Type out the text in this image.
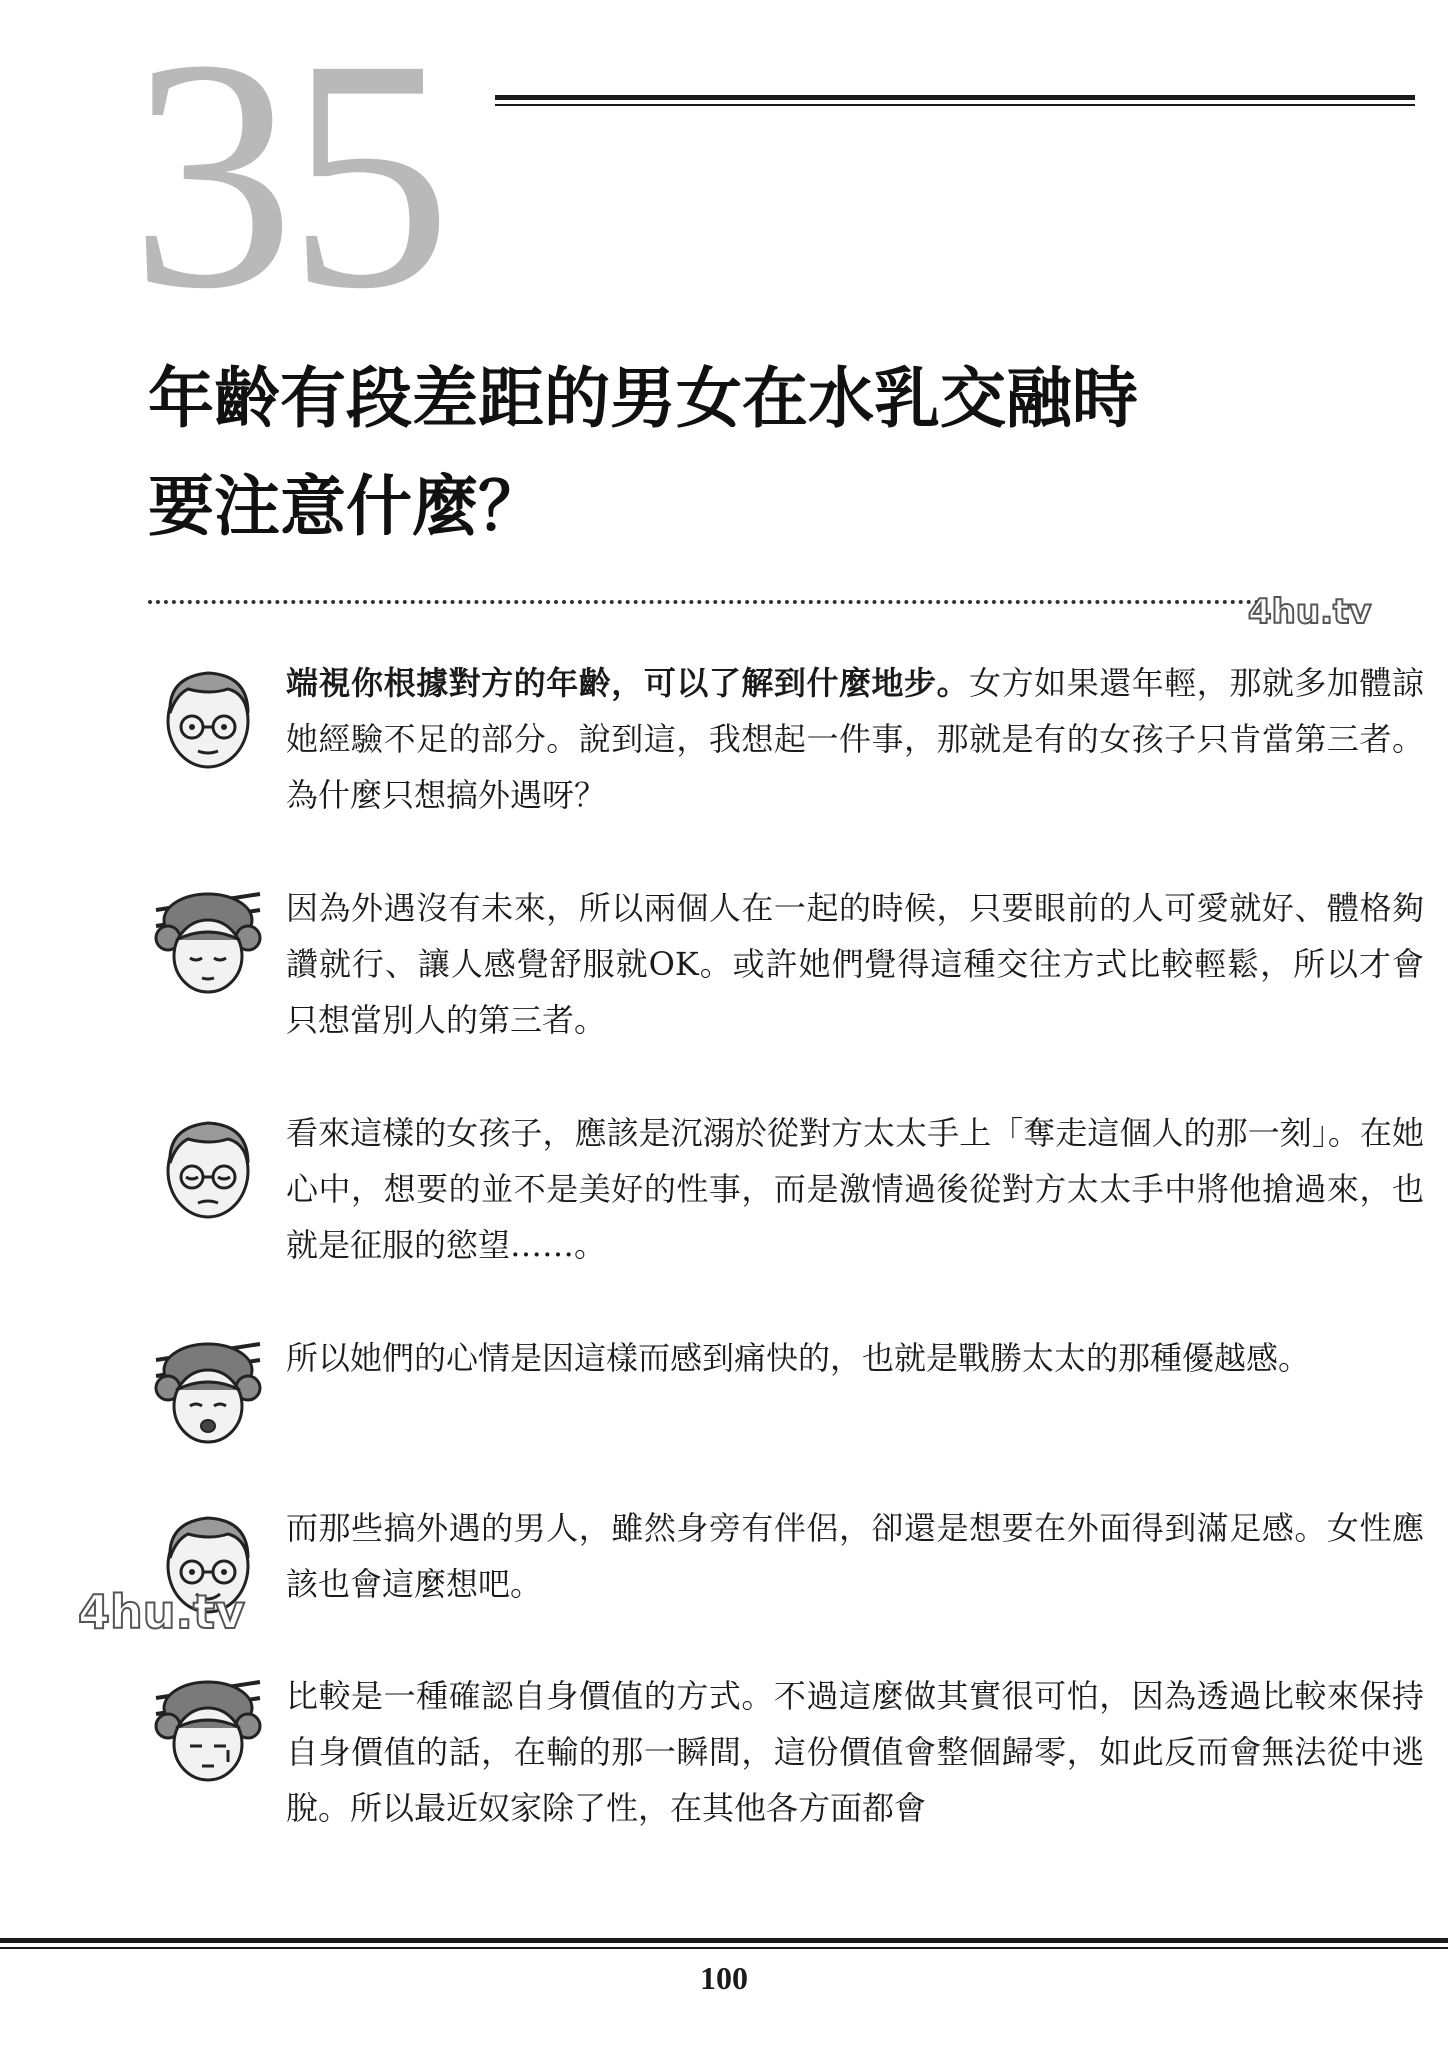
35
年齡有段差距的男女在水乳交融時
要注意什麼？
4hu.tv
端視你根據對方的年齡，可以了解到什麼地步。女方如果還年輕，那就多加體諒她經驗不足的部分。說到這，我想起一件事，那就是有的女孩子只肯當第三者。為什麼只想搞外遇呀？
因為外遇沒有未來，所以兩個人在一起的時候，只要眼前的人可愛就好、體格夠讚就行、讓人感覺舒服就OK。或許她們覺得這種交往方式比較輕鬆，所以才會只想當別人的第三者。
看來這樣的女孩子，應該是沉溺於從對方太太手上「奪走這個人的那一刻」。在她心中，想要的並不是美好的性事，而是激情過後從對方太太手中將他搶過來，也就是征服的慾望……。
所以她們的心情是因這樣而感到痛快的，也就是戰勝太太的那種優越感。
而那些搞外遇的男人，雖然身旁有伴侶，卻還是想要在外面得到滿足感。女性應該也會這麼想吧。
4hu.tv
比較是一種確認自身價值的方式。不過這麼做其實很可怕，因為透過比較來保持自身價值的話，在輸的那一瞬間，這份價值會整個歸零，如此反而會無法從中逃脫。所以最近奴家除了性，在其他各方面都會
100
